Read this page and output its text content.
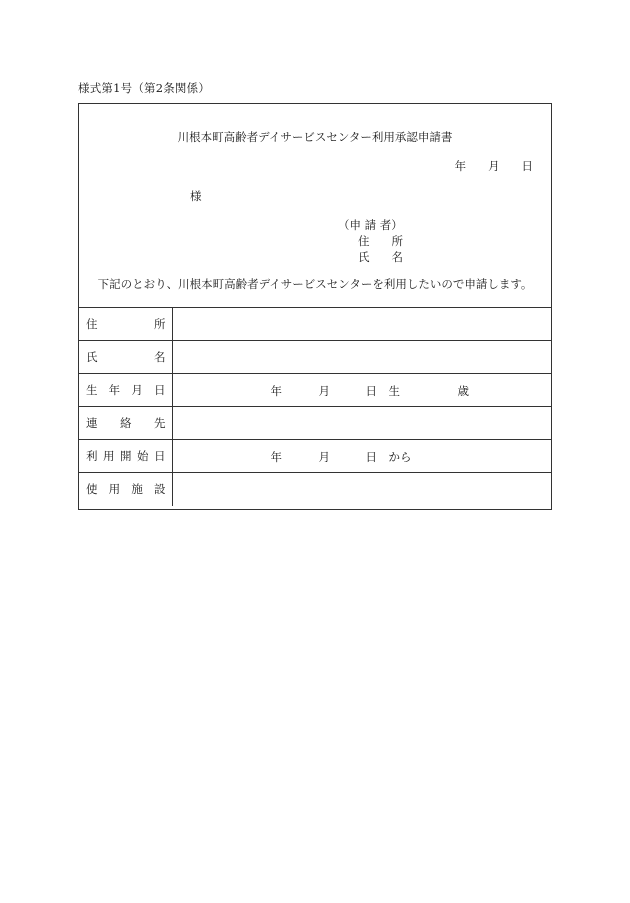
様式第1号（第2条関係）
川根本町高齢者デイサービスセンター利用承認申請書
年 月 日
様
（申 請 者）
住 所
氏 名
下記のとおり、川根本町高齢者デイサービスセンターを利用したいので申請します。
住所	
氏名	
生年月日	年 月 日 生 歳

連絡先	
利用開始日	年 月 日 から

使用施設	
